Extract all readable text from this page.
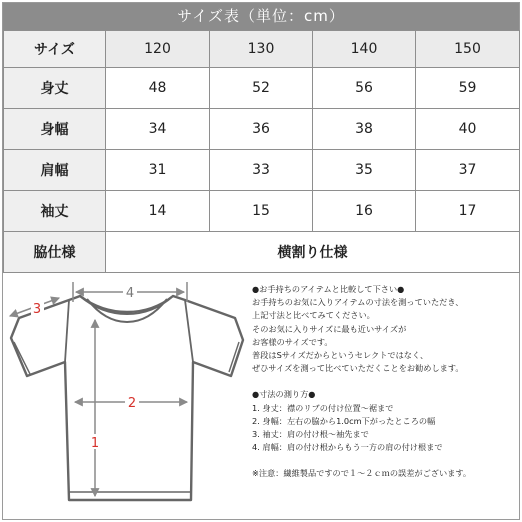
サイズ表（単位：cm）
サイズ	120	130	140	150
身丈	48	52	56	59
身幅	34	36	38	40
肩幅	31	33	35	37
袖丈	14	15	16	17
脇仕様	横割り仕様			
4
3
2
1
●お手持ちのアイテムと比較して下さい●
お手持ちのお気に入りアイテムの寸法を測っていただき、
上記寸法と比べてみてください。
そのお気に入りサイズに最も近いサイズが
お客様のサイズです。
普段はSサイズだからというセレクトではなく、
ぜひサイズを測って比べていただくことをお勧めします。
●寸法の測り方●
1. 身丈：襟のリブの付け位置～裾まで
2. 身幅：左右の脇から1.0cm下がったところの幅
3. 袖丈：肩の付け根～袖先まで
4. 肩幅：肩の付け根からもう一方の肩の付け根まで
※注意：繊維製品ですので１～２ｃｍの誤差がございます。
